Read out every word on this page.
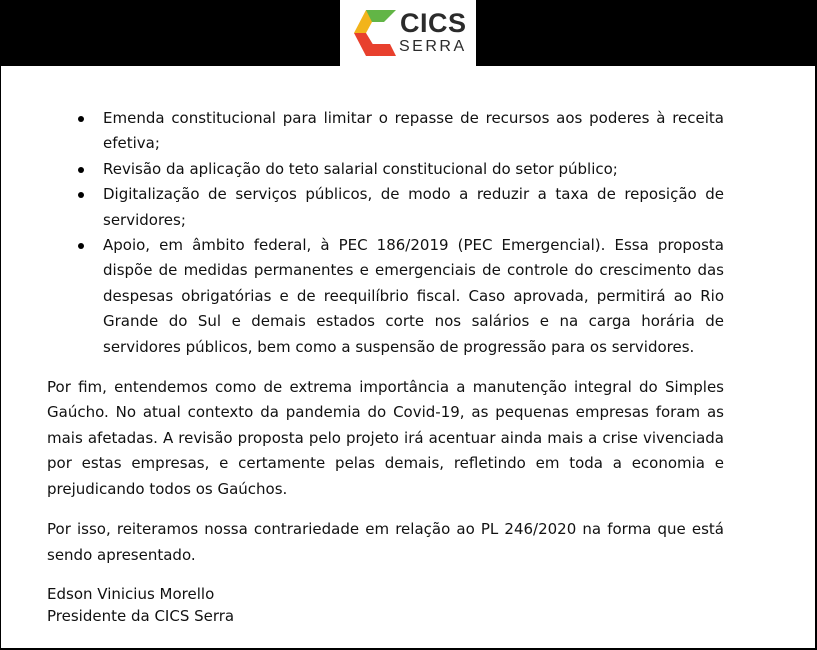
CICS
SERRA
Emenda constitucional para limitar o repasse de recursos aos poderes à receita efetiva;
Revisão da aplicação do teto salarial constitucional do setor público;
Digitalização de serviços públicos, de modo a reduzir a taxa de reposição de servidores;
Apoio, em âmbito federal, à PEC 186/2019 (PEC Emergencial). Essa proposta dispõe de medidas permanentes e emergenciais de controle do crescimento das despesas obrigatórias e de reequilíbrio fiscal. Caso aprovada, permitirá ao Rio Grande do Sul e demais estados corte nos salários e na carga horária de servidores públicos, bem como a suspensão de progressão para os servidores.

Por fim, entendemos como de extrema importância a manutenção integral do Simples Gaúcho. No atual contexto da pandemia do Covid-19, as pequenas empresas foram as mais afetadas. A revisão proposta pelo projeto irá acentuar ainda mais a crise vivenciada por estas empresas, e certamente pelas demais, refletindo em toda a economia e prejudicando todos os Gaúchos.

Por isso, reiteramos nossa contrariedade em relação ao PL 246/2020 na forma que está sendo apresentado.

Edson Vinicius Morello
Presidente da CICS Serra
